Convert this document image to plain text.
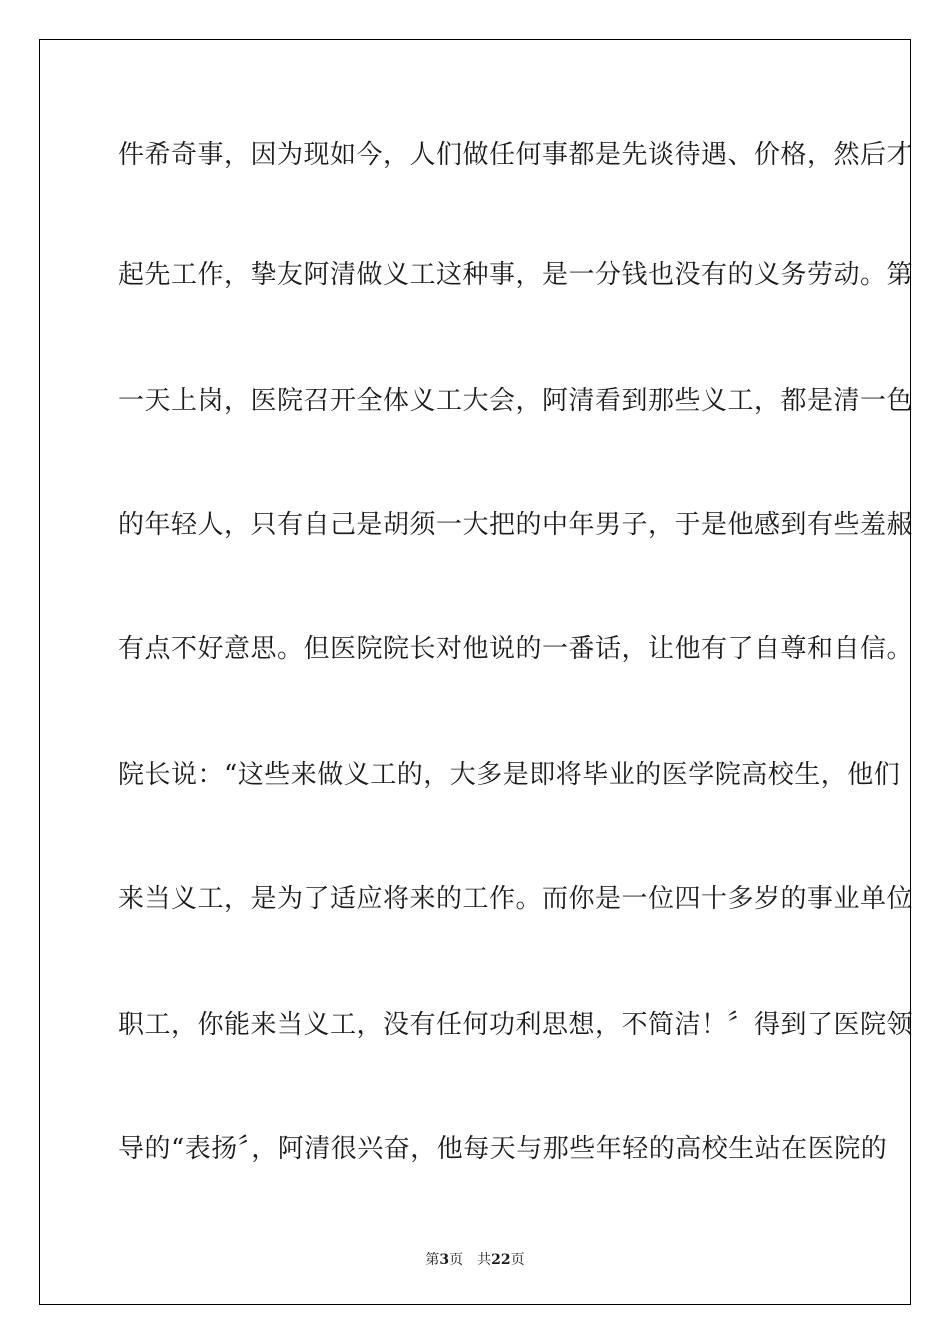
件希奇事，因为现如今，人们做任何事都是先谈待遇、价格，然后才
起先工作，挚友阿清做义工这种事，是一分钱也没有的义务劳动。第
一天上岗，医院召开全体义工大会，阿清看到那些义工，都是清一色
的年轻人，只有自己是胡须一大把的中年男子，于是他感到有些羞赧
有点不好意思。但医院院长对他说的一番话，让他有了自尊和自信。
院长说：“这些来做义工的，大多是即将毕业的医学院高校生，他们
来当义工，是为了适应将来的工作。而你是一位四十多岁的事业单位
职工，你能来当义工，没有任何功利思想，不简洁！〞得到了医院领
导的“表扬〞，阿清很兴奋，他每天与那些年轻的高校生站在医院的
第3页 共22页
